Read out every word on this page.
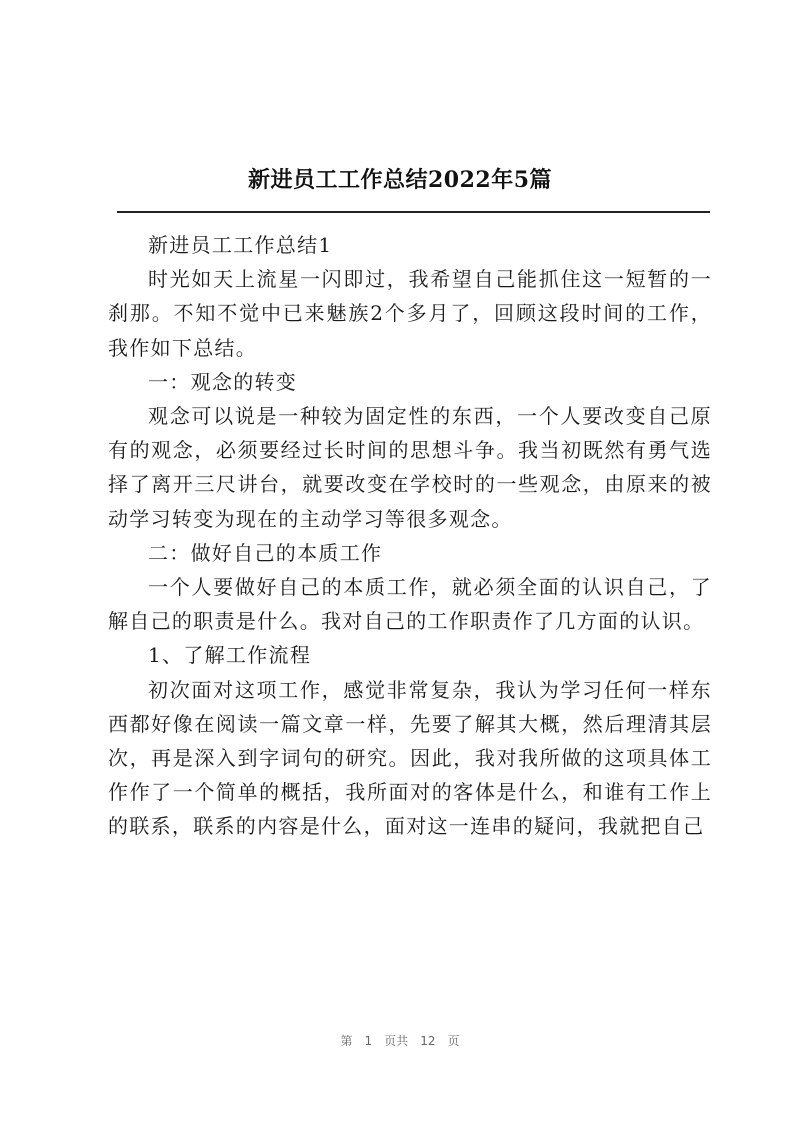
新进员工工作总结2022年5篇

新进员工工作总结1

时光如天上流星一闪即过，我希望自己能抓住这一短暂的一刹那。不知不觉中已来魅族2个多月了，回顾这段时间的工作，我作如下总结。

一：观念的转变

观念可以说是一种较为固定性的东西，一个人要改变自己原有的观念，必须要经过长时间的思想斗争。我当初既然有勇气选择了离开三尺讲台，就要改变在学校时的一些观念，由原来的被动学习转变为现在的主动学习等很多观念。

二：做好自己的本质工作

一个人要做好自己的本质工作，就必须全面的认识自己，了解自己的职责是什么。我对自己的工作职责作了几方面的认识。

1、了解工作流程

初次面对这项工作，感觉非常复杂，我认为学习任何一样东西都好像在阅读一篇文章一样，先要了解其大概，然后理清其层次，再是深入到字词句的研究。因此，我对我所做的这项具体工作作了一个简单的概括，我所面对的客体是什么，和谁有工作上的联系，联系的内容是什么，面对这一连串的疑问，我就把自己

第 1 页共 12 页
